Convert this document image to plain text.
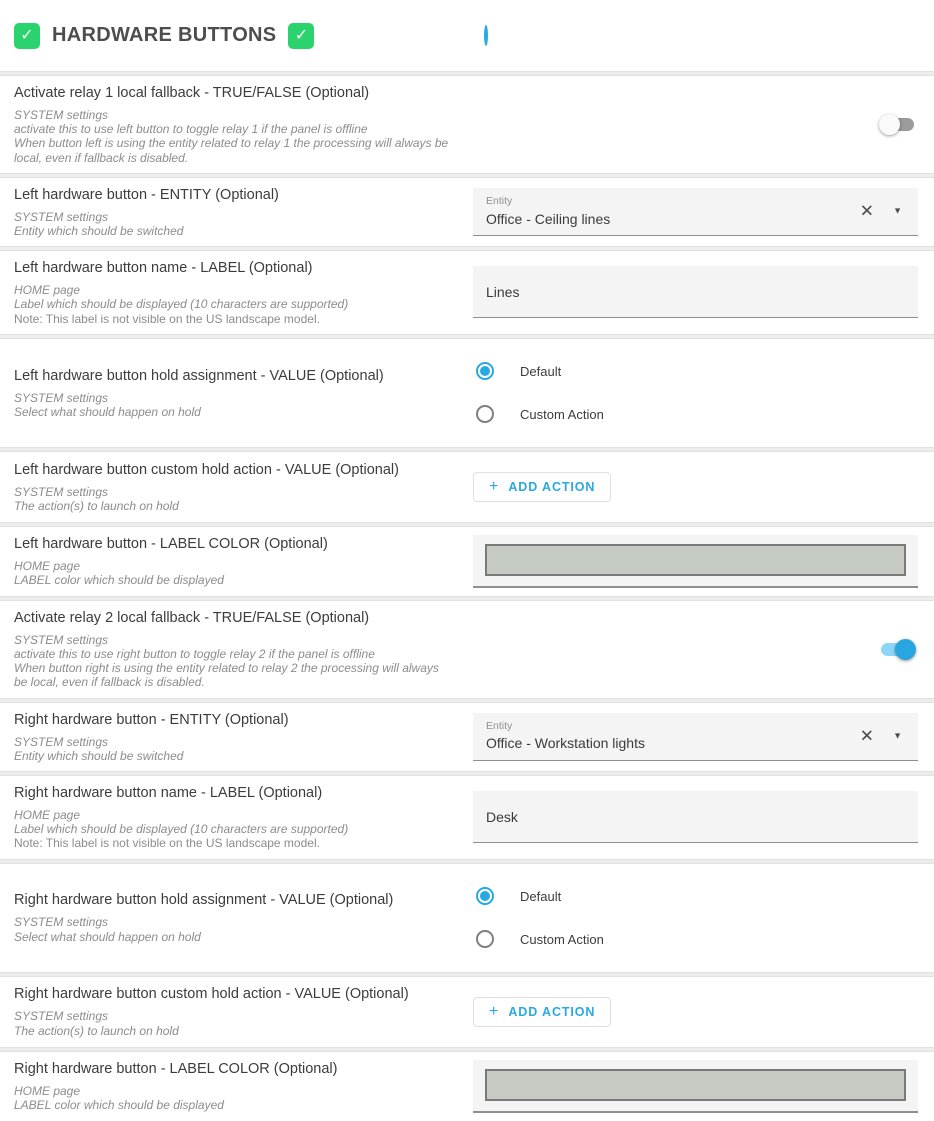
✓ HARDWARE BUTTONS ✓
Activate relay 1 local fallback - TRUE/FALSE (Optional)
SYSTEM settings
activate this to use left button to toggle relay 1 if the panel is offline
When button left is using the entity related to relay 1 the processing will always be local, even if fallback is disabled.
Left hardware button - ENTITY (Optional)
SYSTEM settings
Entity which should be switched
Entity
Office - Ceiling lines	✕ ▼
Left hardware button name - LABEL (Optional)
HOME page
Label which should be displayed (10 characters are supported)
Note: This label is not visible on the US landscape model.
Lines
Left hardware button hold assignment - VALUE (Optional)
SYSTEM settings
Select what should happen on hold
Default
Custom Action
Left hardware button custom hold action - VALUE (Optional)
SYSTEM settings
The action(s) to launch on hold
+ ADD ACTION
Left hardware button - LABEL COLOR (Optional)
HOME page
LABEL color which should be displayed
Activate relay 2 local fallback - TRUE/FALSE (Optional)
SYSTEM settings
activate this to use right button to toggle relay 2 if the panel is offline
When button right is using the entity related to relay 2 the processing will always be local, even if fallback is disabled.
Right hardware button - ENTITY (Optional)
SYSTEM settings
Entity which should be switched
Entity
Office - Workstation lights	✕ ▼
Right hardware button name - LABEL (Optional)
HOME page
Label which should be displayed (10 characters are supported)
Note: This label is not visible on the US landscape model.
Desk
Right hardware button hold assignment - VALUE (Optional)
SYSTEM settings
Select what should happen on hold
Default
Custom Action
Right hardware button custom hold action - VALUE (Optional)
SYSTEM settings
The action(s) to launch on hold
+ ADD ACTION
Right hardware button - LABEL COLOR (Optional)
HOME page
LABEL color which should be displayed
